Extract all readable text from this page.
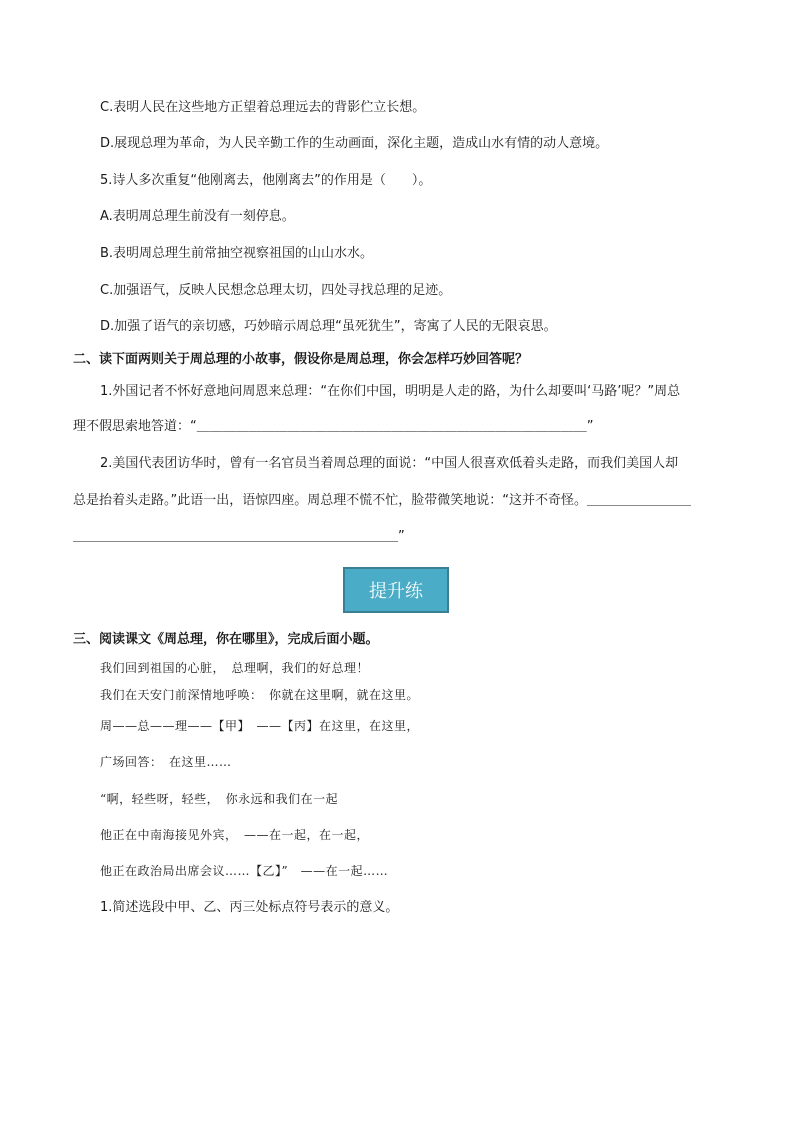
C.表明人民在这些地方正望着总理远去的背影伫立长想。
D.展现总理为革命，为人民辛勤工作的生动画面，深化主题，造成山水有情的动人意境。
5.诗人多次重复“他刚离去，他刚离去”的作用是（　　）。
A.表明周总理生前没有一刻停息。
B.表明周总理生前常抽空视察祖国的山山水水。
C.加强语气，反映人民想念总理太切，四处寻找总理的足迹。
D.加强了语气的亲切感，巧妙暗示周总理“虽死犹生”，寄寓了人民的无限哀思。
二、读下面两则关于周总理的小故事，假设你是周总理，你会怎样巧妙回答呢？
1.外国记者不怀好意地问周恩来总理：“在你们中国，明明是人走的路，为什么却要叫‘马路’呢？”周总
理不假思索地答道：“＿＿＿＿＿＿＿＿＿＿＿＿＿＿＿＿＿＿＿＿＿＿＿＿＿＿＿＿＿＿”
2.美国代表团访华时，曾有一名官员当着周总理的面说：“中国人很喜欢低着头走路，而我们美国人却
总是抬着头走路。”此语一出，语惊四座。周总理不慌不忙，脸带微笑地说：“这并不奇怪。＿＿＿＿＿＿＿＿
＿＿＿＿＿＿＿＿＿＿＿＿＿＿＿＿＿＿＿＿＿＿＿＿＿”
提升练
三、阅读课文《周总理，你在哪里》，完成后面小题。
我们回到祖国的心脏，　总理啊，我们的好总理！
我们在天安门前深情地呼唤：　你就在这里啊，就在这里。
周——总——理——【甲】　——【丙】在这里，在这里，
广场回答：　在这里……
“啊，轻些呀，轻些，　你永远和我们在一起
他正在中南海接见外宾，　——在一起，在一起，
他正在政治局出席会议……【乙】”　——在一起……
1.简述选段中甲、乙、丙三处标点符号表示的意义。
